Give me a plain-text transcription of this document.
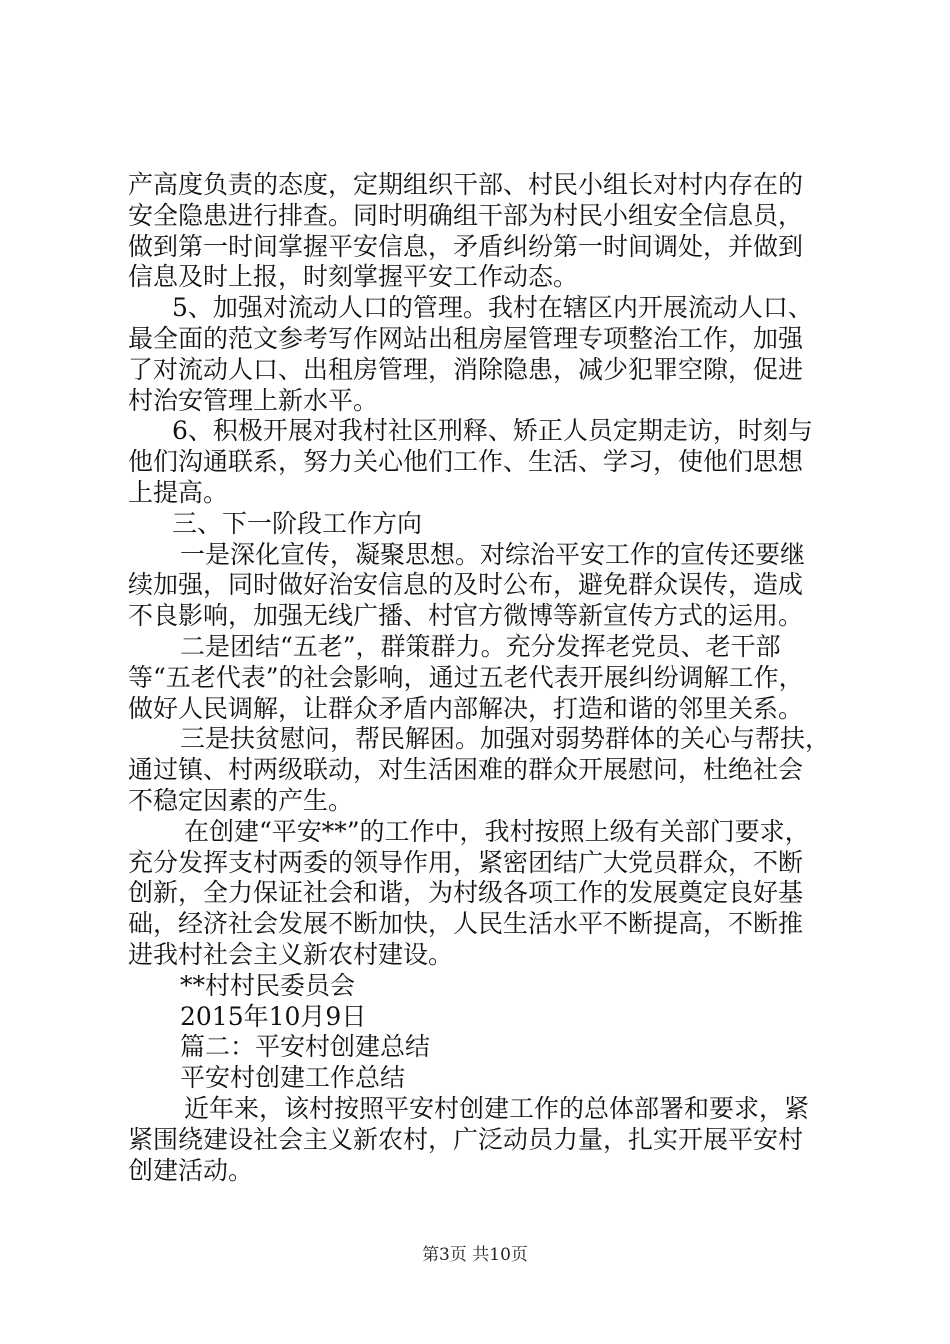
产高度负责的态度，定期组织干部、村民小组长对村内存在的
安全隐患进行排查。同时明确组干部为村民小组安全信息员，
做到第一时间掌握平安信息，矛盾纠纷第一时间调处，并做到
信息及时上报，时刻掌握平安工作动态。
5、加强对流动人口的管理。我村在辖区内开展流动人口、
最全面的范文参考写作网站出租房屋管理专项整治工作，加强
了对流动人口、出租房管理，消除隐患，减少犯罪空隙，促进
村治安管理上新水平。
6、积极开展对我村社区刑释、矫正人员定期走访，时刻与
他们沟通联系，努力关心他们工作、生活、学习，使他们思想
上提高。
三、下一阶段工作方向
一是深化宣传，凝聚思想。对综治平安工作的宣传还要继
续加强，同时做好治安信息的及时公布，避免群众误传，造成
不良影响，加强无线广播、村官方微博等新宣传方式的运用。
二是团结“五老”，群策群力。充分发挥老党员、老干部
等“五老代表”的社会影响，通过五老代表开展纠纷调解工作，
做好人民调解，让群众矛盾内部解决，打造和谐的邻里关系。
三是扶贫慰问，帮民解困。加强对弱势群体的关心与帮扶，
通过镇、村两级联动，对生活困难的群众开展慰问，杜绝社会
不稳定因素的产生。
在创建“平安**”的工作中，我村按照上级有关部门要求，
充分发挥支村两委的领导作用，紧密团结广大党员群众，不断
创新，全力保证社会和谐，为村级各项工作的发展奠定良好基
础，经济社会发展不断加快，人民生活水平不断提高，不断推
进我村社会主义新农村建设。
**村村民委员会
2015年10月9日
篇二：平安村创建总结
平安村创建工作总结
近年来，该村按照平安村创建工作的总体部署和要求，紧
紧围绕建设社会主义新农村，广泛动员力量，扎实开展平安村
创建活动。
第3页 共10页
